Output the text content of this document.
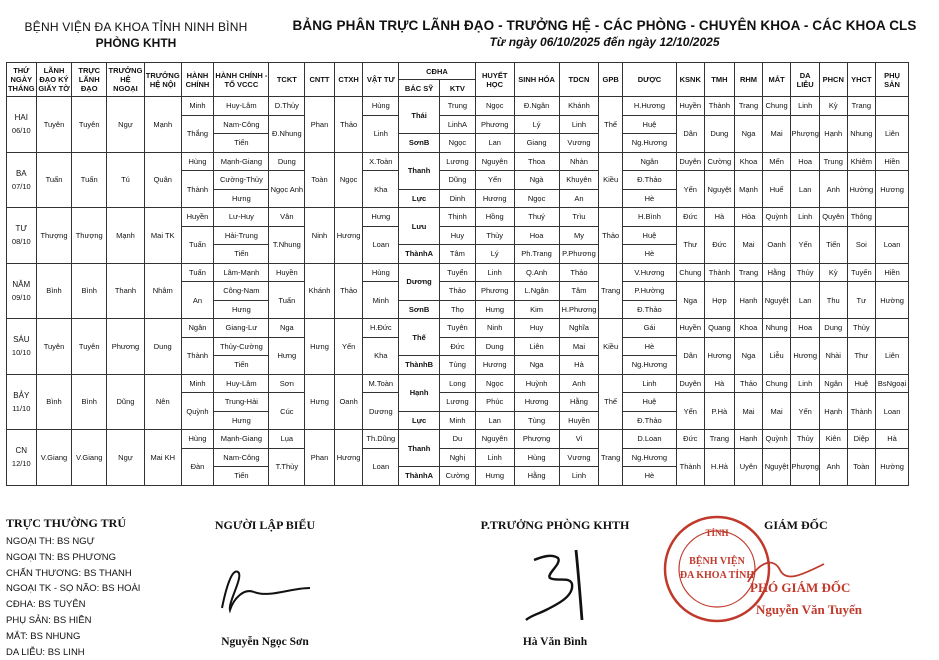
BỆNH VIỆN ĐA KHOA TỈNH NINH BÌNH
PHÒNG KHTH
BẢNG PHÂN TRỰC LÃNH ĐẠO - TRƯỞNG HỆ - CÁC PHÒNG - CHUYÊN KHOA - CÁC KHOA CLS
Từ ngày 06/10/2025 đến ngày 12/10/2025
THỨ NGÀY THÁNG	LÃNH ĐẠO KÝ GIẤY TỜ	TRỰC LÃNH ĐẠO	TRƯỞNG HỆ NGOẠI	TRƯỞNG HỆ NỘI	HÀNH CHÍNH	HÀNH CHÍNH - TỔ VCCC	TCKT	CNTT	CTXH	VẬT TƯ	CĐHA		HUYẾT HỌC	SINH HÓA	TDCN	GPB	DƯỢC	KSNK	TMH	RHM	MẮT	DA LIỄU	PHCN	YHCT	PHỤ SẢN
											BÁC SỸ	KTV													

HAI
06/10	Tuyên	Tuyên	Ngự	Mạnh	Minh	Huy-Lâm	D.Thủy	Phan	Thảo	Hùng	Thái	Trung	Ngọc	Đ.Ngân	Khánh	Thế	H.Hương	Huyền	Thành	Trang	Chung	Linh	Kỳ	Trang	
					Thắng	Nam-Công	Đ.Nhung			Linh		LinhA	Phương	Lý	Linh		Huệ	Dân	Dung	Nga	Mai	Phượng	Hạnh	Nhung	Liên
						Tiến					SơnB	Ngọc	Lan	Giang	Vương		Ng.Hương								

BA
07/10	Tuấn	Tuấn	Tú	Quân	Hùng	Mạnh-Giang	Dung	Toàn	Ngọc	X.Toàn	Thanh	Lương	Nguyên	Thoa	Nhàn	Kiều	Ngân	Duyên	Cường	Khoa	Mến	Hoa	Trung	Khiêm	Hiền
					Thành	Cường-Thủy	Ngọc Anh			Kha		Dũng	Yến	Ngà	Khuyên		Đ.Thảo	Yến	Nguyệt	Mạnh	Huế	Lan	Anh	Hường	Hương
						Hưng					Lực	Dinh	Hương	Ngọc	An		Hè								

TƯ
08/10	Thượng	Thượng	Mạnh	Mai TK	Huyền	Lư-Huy	Vân	Ninh	Hương	Hưng	Lưu	Thịnh	Hồng	Thuý	Trìu	Thảo	H.Bình	Đức	Hà	Hòa	Quỳnh	Linh	Quyên	Thông	
					Tuấn	Hải-Trung	T.Nhung			Loan		Huy	Thủy	Hoa	My		Huệ	Thư	Đức	Mai	Oanh	Yến	Tiến	Soi	Loan
						Tiến					ThànhA	Tâm	Lý	Ph.Trang	P.Phương		Hè								

NĂM
09/10	Bình	Bình	Thanh	Nhâm	Tuấn	Lâm-Mạnh	Huyền	Khánh	Thảo	Hùng	Dương	Tuyển	Linh	Q.Anh	Thảo	Trang	V.Hương	Chung	Thành	Trang	Hằng	Thủy	Kỳ	Tuyến	Hiền
					An	Công-Nam	Tuấn			Minh		Thảo	Phương	L.Ngân	Tâm		P.Hường	Nga	Hợp	Hạnh	Nguyệt	Lan	Thu	Tư	Hường
						Hưng					SơnB	Thọ	Hưng	Kim	H.Phương		Đ.Thảo								

SÁU
10/10	Tuyên	Tuyên	Phương	Dung	Ngân	Giang-Lư	Nga	Hưng	Yến	H.Đức	Thế	Tuyên	Ninh	Huy	Nghĩa	Kiều	Gái	Huyền	Quang	Khoa	Nhung	Hoa	Dung	Thủy	
					Thành	Thủy-Cường	Hưng			Kha		Đức	Dung	Liên	Mai		Hè	Dân	Hương	Nga	Liễu	Hương	Nhài	Thư	Liên
						Tiến					ThànhB	Tùng	Hương	Nga	Hà		Ng.Hương								

BẢY
11/10	Bình	Bình	Dũng	Nên	Minh	Huy-Lâm	Sơn	Hưng	Oanh	M.Toàn	Hạnh	Long	Ngọc	Huỳnh	Anh	Thế	Linh	Duyên	Hà	Thảo	Chung	Linh	Ngân	Huệ	BsNgoại
					Quỳnh	Trung-Hải	Cúc			Dương		Lương	Phúc	Hương	Hằng		Huệ	Yến	P.Hà	Mai	Mai	Yến	Hạnh	Thành	Loan
						Hưng					Lực	Minh	Lan	Tùng	Huyền		Đ.Thảo								

CN
12/10	V.Giang	V.Giang	Ngự	Mai KH	Hùng	Mạnh-Giang	Lụa	Phan	Hương	Th.Dũng	Thanh	Du	Nguyên	Phượng	Vi	Trang	D.Loan	Đức	Trang	Hạnh	Quỳnh	Thủy	Kiên	Diệp	Hà
					Đàn	Nam-Công	T.Thủy			Loan		Nghị	Linh	Hùng	Vương		Ng.Hương	Thành	H.Hà	Uyên	Nguyệt	Phượng	Anh	Toàn	Hường
						Tiến					ThànhA	Cường	Hưng	Hằng	Linh		Hè								
TRỰC THƯỜNG TRÚ
NGOẠI TH: BS NGỰ
NGOẠI TN: BS PHƯƠNG
CHẤN THƯƠNG: BS THANH
NGOẠI TK - SỌ NÃO: BS HOÀI
CĐHA: BS TUYÊN
PHỤ SẢN: BS HIỀN
MẮT: BS NHUNG
DA LIỄU: BS LINH
NGƯỜI LẬP BIỂU
Nguyễn Ngọc Sơn
P.TRƯỞNG PHÒNG KHTH
Hà Văn Bình
TỈNH
BỆNH VIỆN
ĐA KHOA TỈNH
GIÁM ĐỐC
PHÓ GIÁM ĐỐC
Nguyễn Văn Tuyến
